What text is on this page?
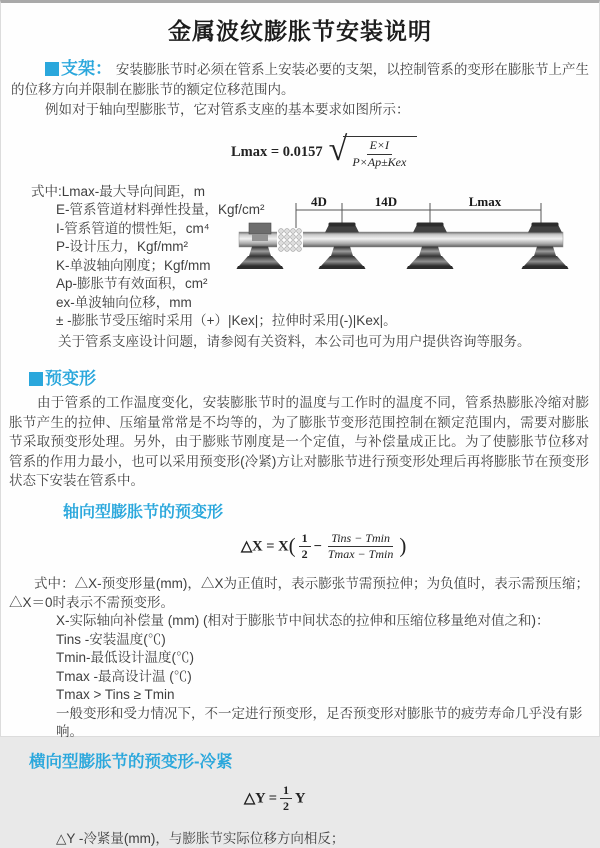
金属波纹膨胀节安装说明

支架： 安装膨胀节时必须在管系上安装必要的支架，以控制管系的变形在膨胀节上产生的位移方向并限制在膨胀节的额定位移范围内。

例如对于轴向型膨胀节，它对管系支座的基本要求如图所示：

Lmax = 0.0157 √ $\frac{E\times I}{\text{P×Ap±Kex}}$
式中:Lmax-最大导向间距，m
E-管系管道材料弹性投量，Kgf/cm²
I-管系管道的惯性矩，cm⁴
P-设计压力，Kgf/mm²
K-单波轴向刚度；Kgf/mm
Ap-膨胀节有效面积，cm²
ex-单波轴向位移，mm
± -膨胀节受压缩时采用（+）|Kex|；拉伸时采用(-)|Kex|。
关于管系支座设计问题，请参阅有关资料，本公司也可为用户提供咨询等服务。
4D	14D	Lmax
预变形

由于管系的工作温度变化，安装膨胀节时的温度与工作时的温度不同，管系热膨胀冷缩对膨胀节产生的拉伸、压缩量常常是不均等的，为了膨胀节变形范围控制在额定范围内，需要对膨胀节采取预变形处理。另外，由于膨账节刚度是一个定值，与补偿量成正比。为了使膨胀节位移对管系的作用力最小，也可以采用预变形(冷紧)方让对膨胀节进行预变形处理后再将膨胀节在预变形状态下安装在管系中。

轴向型膨胀节的预变形
△X = $X( \frac{1}{2} - \frac{\text{Tins − Tmin}}{Tmax - Tmin}$ )

式中：△X-预变形量(mm)，△X为正值时，表示膨张节需预拉伸；为负值时，表示需预压缩；△X＝0时表示不需预变形。

X-实际轴向补偿量 (mm) (相对于膨胀节中间状态的拉伸和压缩位移量绝对值之和)：
Tins -安装温度(℃)
Tmin-最低设计温度(℃)
Tmax -最高设计温 (℃)
Tmax > Tins ≥ Tmin
一般变形和受力情况下，不一定进行预变形，足否预变形对膨胀节的疲劳寿命几乎没有影响。
横向型膨胀节的预变形-冷紧
△Y = $\frac{1}{2}$ Y
△Y -冷紧量(mm)，与膨胀节实际位移方向相反；
